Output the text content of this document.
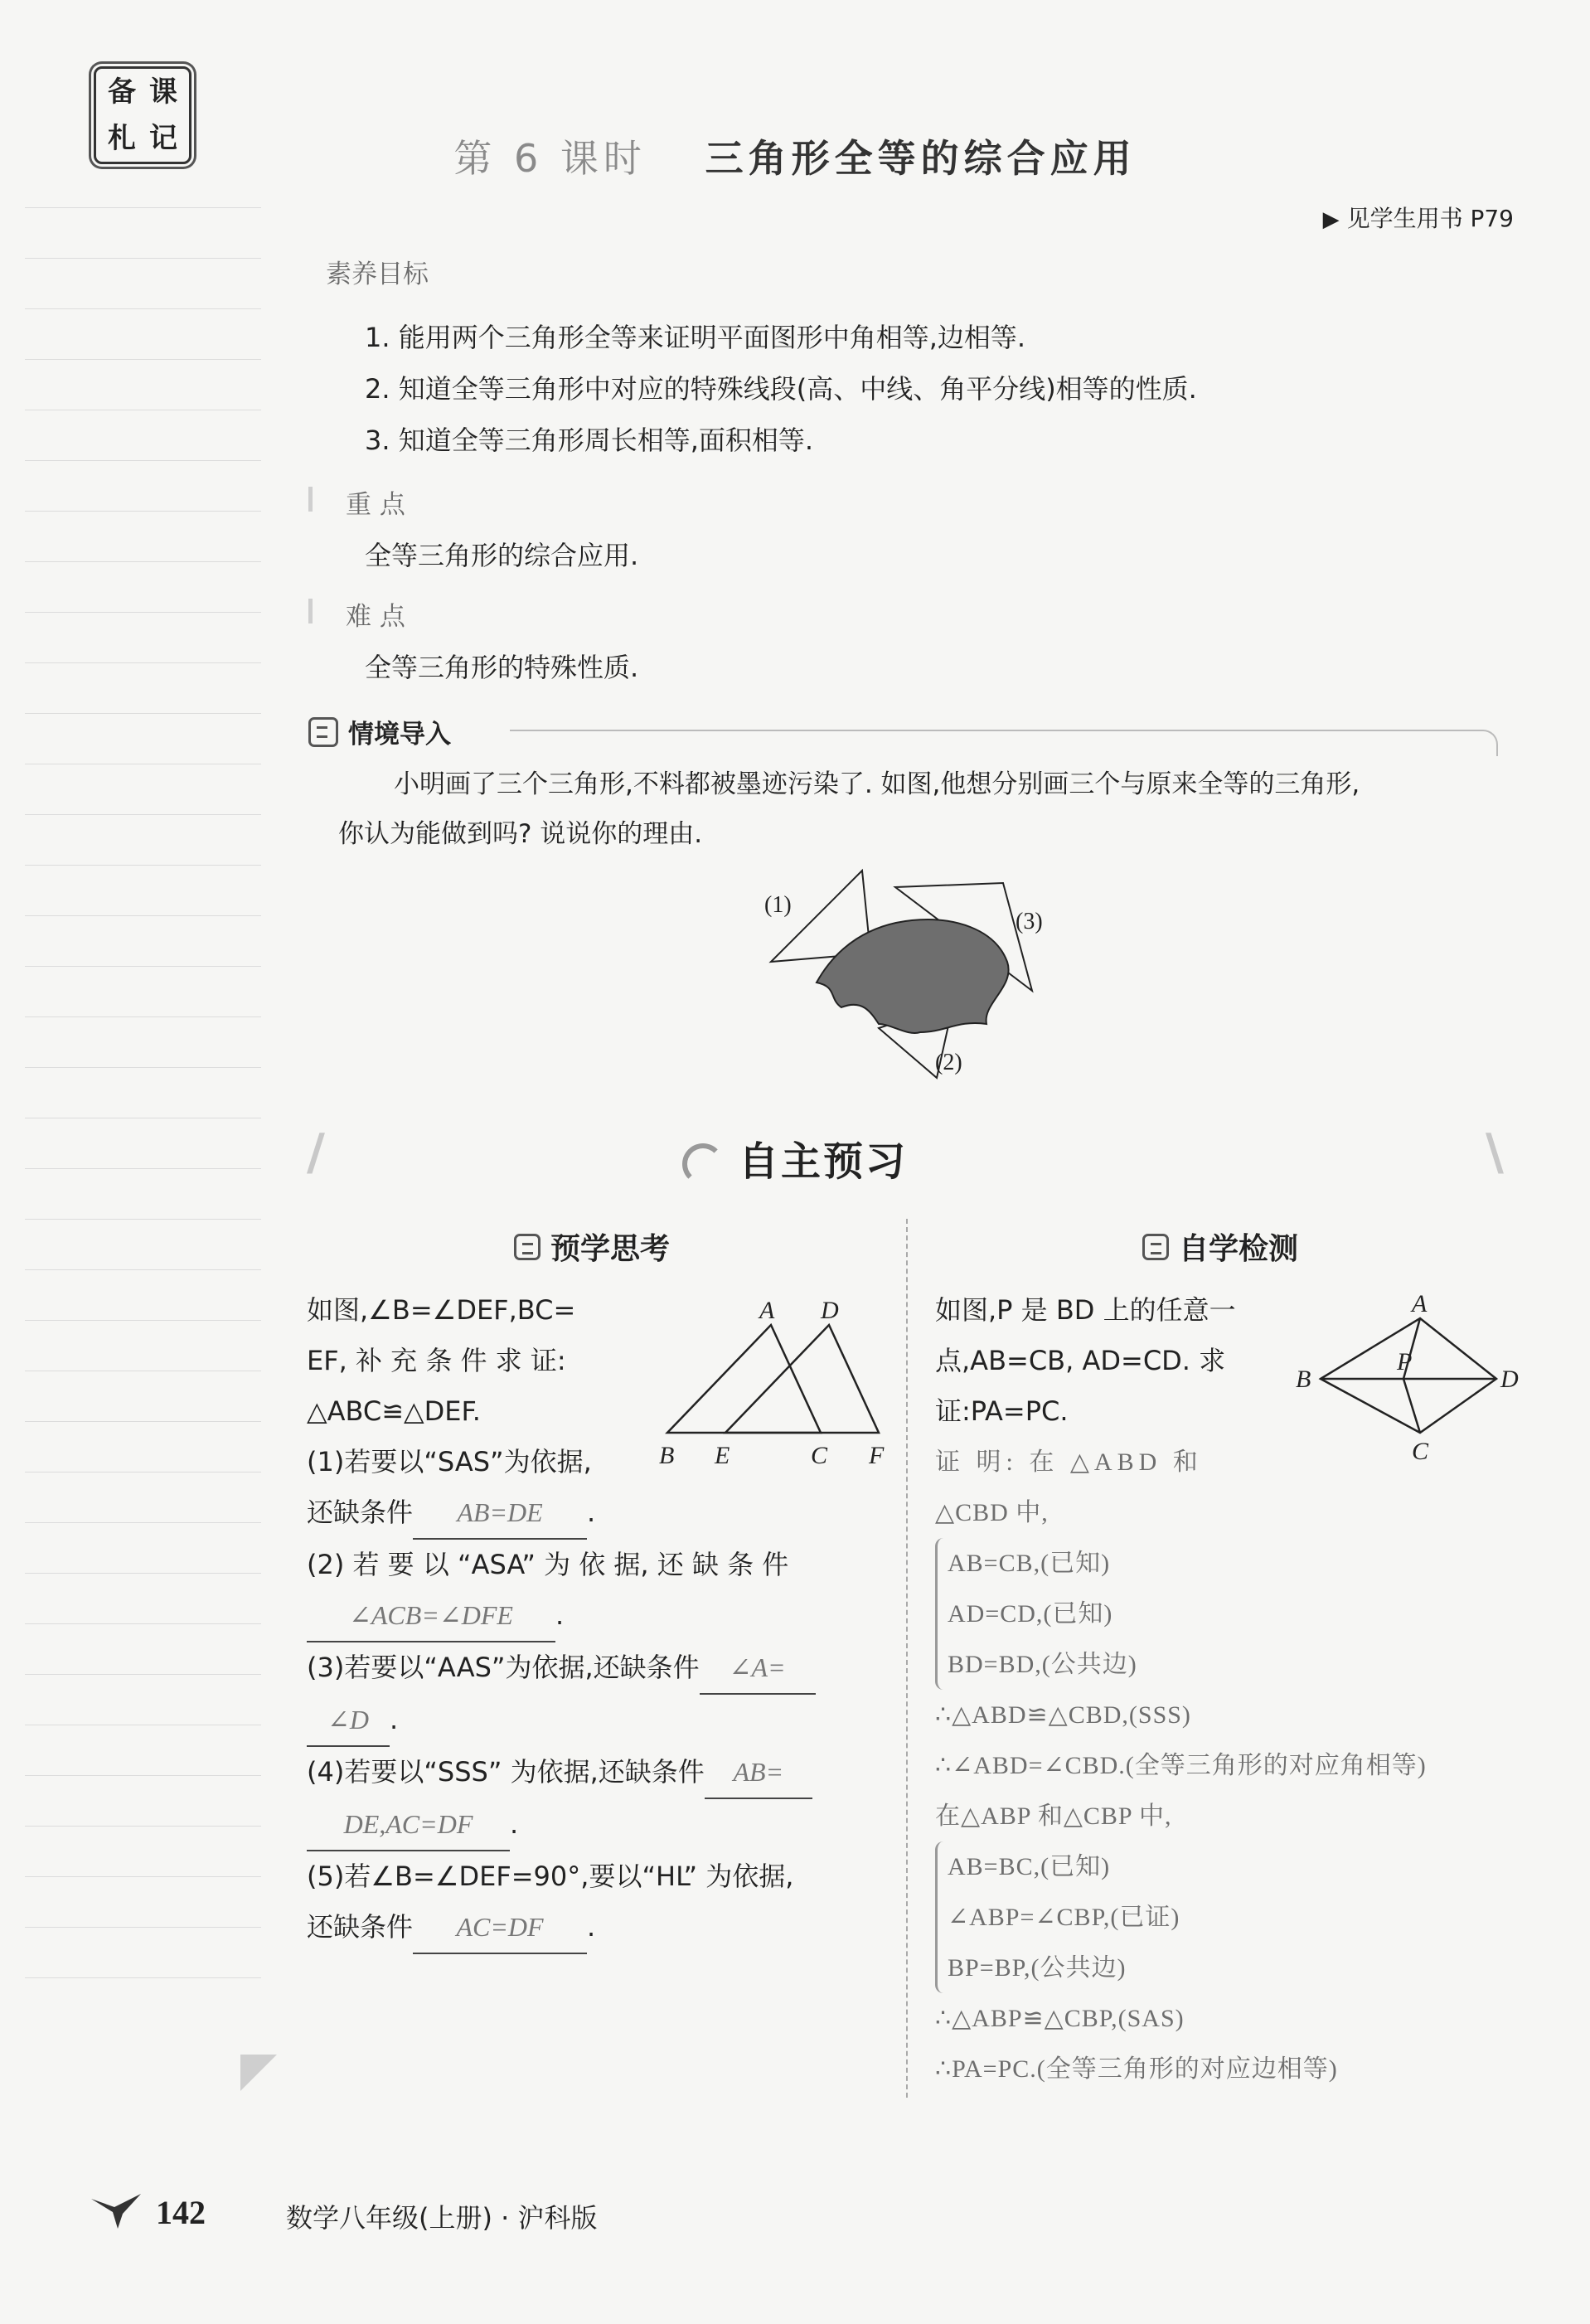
备 课
札 记	第 6 课时 三角形全等的综合应用
▶ 见学生用书 P79
素养目标
1. 能用两个三角形全等来证明平面图形中角相等,边相等.
2. 知道全等三角形中对应的特殊线段(高、中线、角平分线)相等的性质.
3. 知道全等三角形周长相等,面积相等.
重 点
全等三角形的综合应用.
难 点
全等三角形的特殊性质.
情境导入
小明画了三个三角形,不料都被墨迹污染了. 如图,他想分别画三个与原来全等的三角形,
你认为能做到吗? 说说你的理由.
(1)
(2)
(3)
/	\
自主预习
预学思考	自学检测
如图,∠B=∠DEF,BC=
EF, 补 充 条 件 求 证:
△ABC≌△DEF.
(1)若要以“SAS”为依据,
还缺条件 AB=DE .
(2) 若 要 以 “ASA” 为 依 据, 还 缺 条 件
∠ACB=∠DFE .
(3)若要以“AAS”为依据,还缺条件 ∠A=
∠D .
(4)若要以“SSS” 为依据,还缺条件 AB=
DE,AC=DF .
(5)若∠B=∠DEF=90°,要以“HL” 为依据,
还缺条件 AC=DF .
A D
B E	C F
如图,P 是 BD 上的任意一
点,AB=CB, AD=CD. 求
证:PA=PC.
A
B
P
D
C
证 明: 在 △ABD 和
△CBD 中,
AB=CB,(已知)
AD=CD,(已知)
BD=BD,(公共边)
∴△ABD≌△CBD,(SSS)
∴∠ABD=∠CBD.(全等三角形的对应角相等)
在△ABP 和△CBP 中,
AB=BC,(已知)
∠ABP=∠CBP,(已证)
BP=BP,(公共边)
∴△ABP≌△CBP,(SAS)
∴PA=PC.(全等三角形的对应边相等)
142	数学八年级(上册) · 沪科版
